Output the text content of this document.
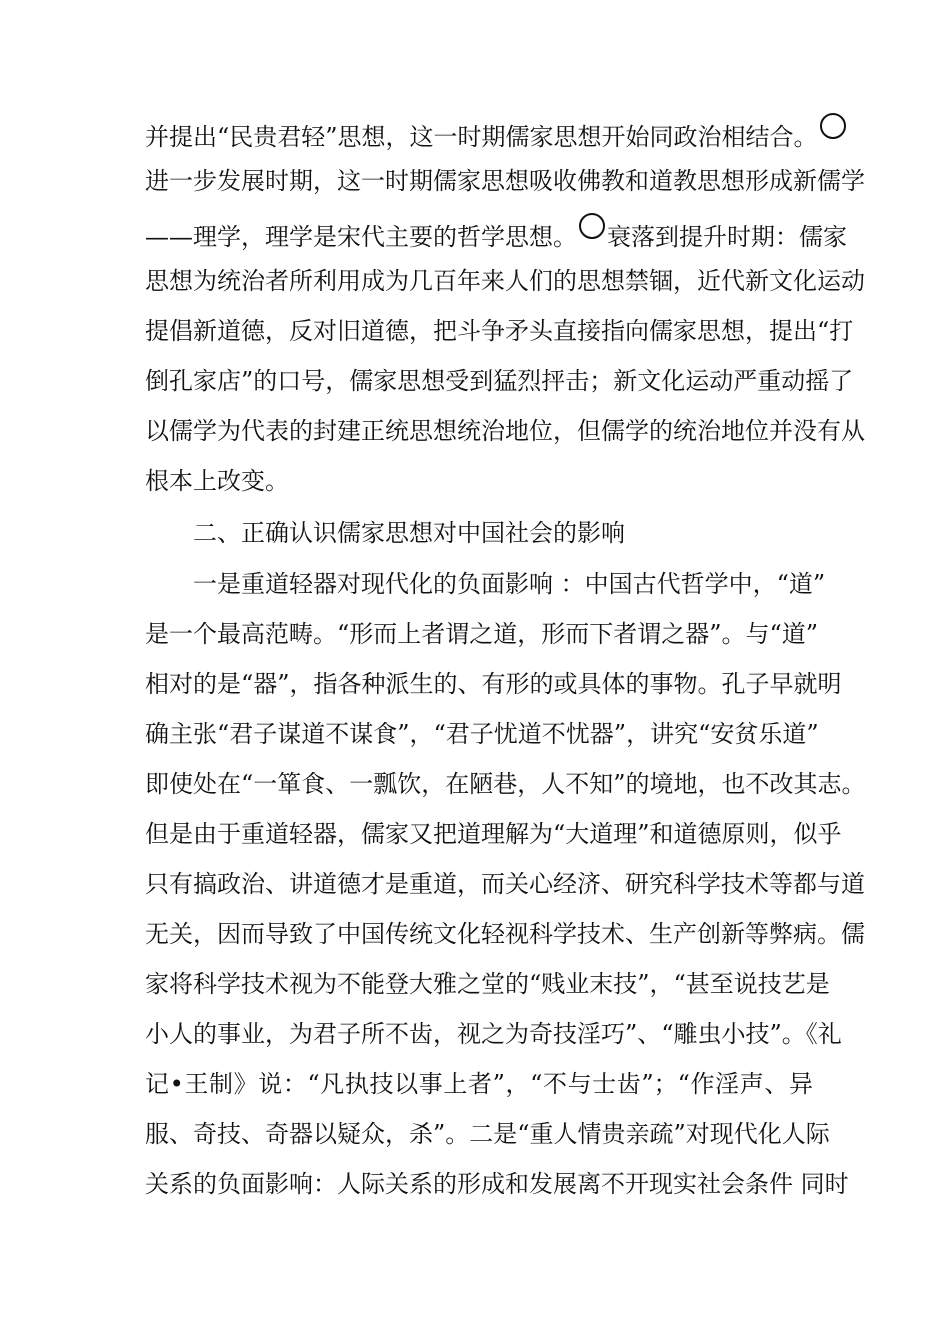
并提出“民贵君轻”思想，这一时期儒家思想开始同政治相结合。
进一步发展时期，这一时期儒家思想吸收佛教和道教思想形成新儒学
——理学，理学是宋代主要的哲学思想。 ○ 衰落到提升时期：儒家
思想为统治者所利用成为几百年来人们的思想禁锢，近代新文化运动
提倡新道德，反对旧道德，把斗争矛头直接指向儒家思想，提出“打
倒孔家店”的口号，儒家思想受到猛烈抨击；新文化运动严重动摇了
以儒学为代表的封建正统思想统治地位，但儒学的统治地位并没有从
根本上改变。
二、正确认识儒家思想对中国社会的影响
一是重道轻器对现代化的负面影响 ：中国古代哲学中，“道”
是一个最高范畴。“形而上者谓之道，形而下者谓之器”。与“道”
相对的是“器”，指各种派生的、有形的或具体的事物。孔子早就明
确主张“君子谋道不谋食”，“君子忧道不忧器”，讲究“安贫乐道”
即使处在“一箪食、一瓢饮，在陋巷，人不知”的境地，也不改其志。
但是由于重道轻器，儒家又把道理解为“大道理”和道德原则，似乎
只有搞政治、讲道德才是重道，而关心经济、研究科学技术等都与道
无关，因而导致了中国传统文化轻视科学技术、生产创新等弊病。儒
家将科学技术视为不能登大雅之堂的“贱业末技”，“甚至说技艺是
小人的事业，为君子所不齿，视之为奇技淫巧”、“雕虫小技”。《礼
记•王制》说：“凡执技以事上者”，“不与士齿”；“作淫声、异
服、奇技、奇器以疑众，杀”。二是“重人情贵亲疏”对现代化人际
关系的负面影响：人际关系的形成和发展离不开现实社会条件 同时
